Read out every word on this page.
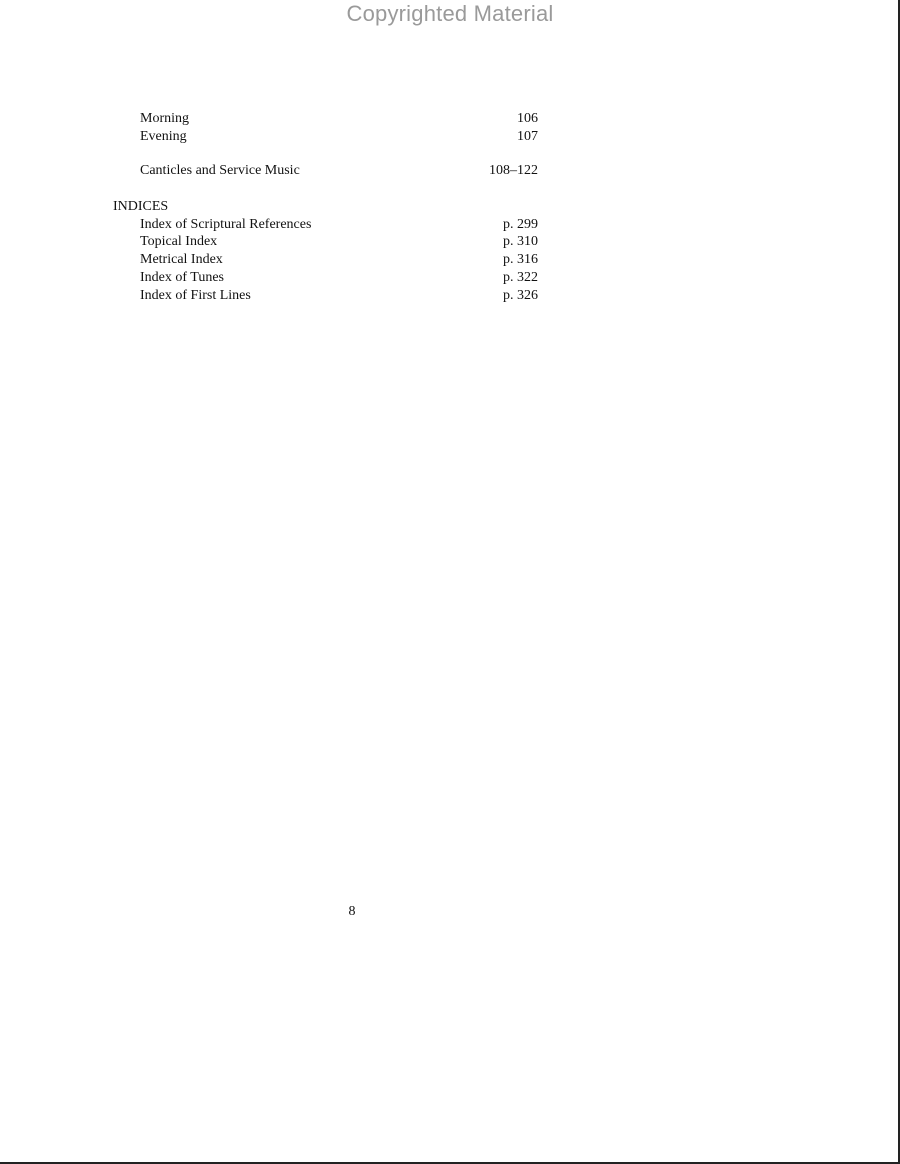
Copyrighted Material
Morning	106
Evening	107
Canticles and Service Music	108–122
INDICES
Index of Scriptural References	p. 299
Topical Index	p. 310
Metrical Index	p. 316
Index of Tunes	p. 322
Index of First Lines	p. 326
8
